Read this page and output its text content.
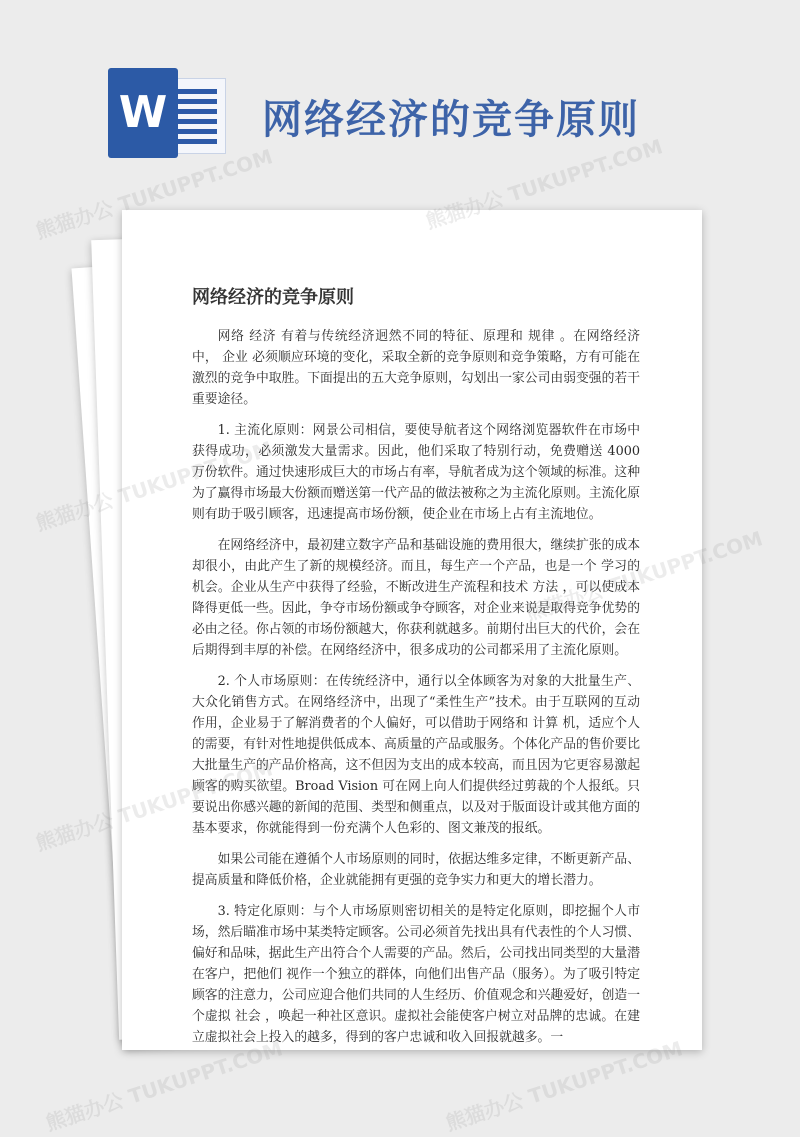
W 网络经济的竞争原则
网络经济的竞争原则

网络 经济 有着与传统经济迥然不同的特征、原理和 规律 。在网络经济中， 企业 必须顺应环境的变化，采取全新的竞争原则和竞争策略，方有可能在激烈的竞争中取胜。下面提出的五大竞争原则，勾划出一家公司由弱变强的若干重要途径。

1. 主流化原则：网景公司相信，要使导航者这个网络浏览器软件在市场中获得成功，必须激发大量需求。因此，他们采取了特别行动，免费赠送 4000 万份软件。通过快速形成巨大的市场占有率，导航者成为这个领域的标准。这种为了赢得市场最大份额而赠送第一代产品的做法被称之为主流化原则。主流化原则有助于吸引顾客，迅速提高市场份额，使企业在市场上占有主流地位。

在网络经济中，最初建立数字产品和基础设施的费用很大，继续扩张的成本却很小，由此产生了新的规模经济。而且，每生产一个产品，也是一个 学习的机会。企业从生产中获得了经验，不断改进生产流程和技术 方法 ，可以使成本降得更低一些。因此，争夺市场份额或争夺顾客，对企业来说是取得竞争优势的必由之径。你占领的市场份额越大，你获利就越多。前期付出巨大的代价，会在后期得到丰厚的补偿。在网络经济中，很多成功的公司都采用了主流化原则。

2. 个人市场原则：在传统经济中，通行以全体顾客为对象的大批量生产、大众化销售方式。在网络经济中，出现了“柔性生产”技术。由于互联网的互动作用，企业易于了解消费者的个人偏好，可以借助于网络和 计算 机，适应个人的需要，有针对性地提供低成本、高质量的产品或服务。个体化产品的售价要比大批量生产的产品价格高，这不但因为支出的成本较高，而且因为它更容易激起顾客的购买欲望。Broad Vision 可在网上向人们提供经过剪裁的个人报纸。只要说出你感兴趣的新闻的范围、类型和侧重点，以及对于版面设计或其他方面的基本要求，你就能得到一份充满个人色彩的、图文兼茂的报纸。

如果公司能在遵循个人市场原则的同时，依据达维多定律，不断更新产品、提高质量和降低价格，企业就能拥有更强的竞争实力和更大的增长潜力。

3. 特定化原则：与个人市场原则密切相关的是特定化原则，即挖掘个人市场，然后瞄准市场中某类特定顾客。公司必须首先找出具有代表性的个人习惯、偏好和品味，据此生产出符合个人需要的产品。然后，公司找出同类型的大量潜在客户，把他们 视作一个独立的群体，向他们出售产品（服务）。为了吸引特定顾客的注意力，公司应迎合他们共同的人生经历、价值观念和兴趣爱好，创造一个虚拟 社会 ，唤起一种社区意识。虚拟社会能使客户树立对品牌的忠诚。在建立虚拟社会上投入的越多，得到的客户忠诚和收入回报就越多。一

熊猫办公 TUKUPPT.COM
熊猫办公 TUKUPPT.COM
熊猫办公
熊猫办公
熊猫办公 TUKUPPT.COM	熊猫办公 TUKUPPT.COM
